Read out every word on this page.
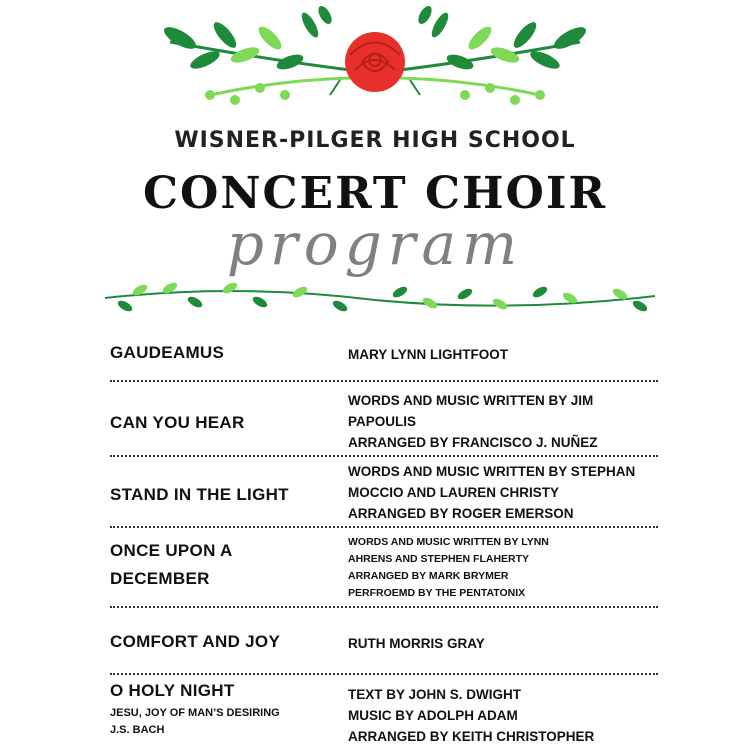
WISNER-PILGER HIGH SCHOOL
CONCERT CHOIR
program
GAUDEAMUS	MARY LYNN LIGHTFOOT
CAN YOU HEAR
WORDS AND MUSIC WRITTEN BY JIM
PAPOULIS
ARRANGED BY FRANCISCO J. NUÑEZ
STAND IN THE LIGHT
WORDS AND MUSIC WRITTEN BY STEPHAN
MOCCIO AND LAUREN CHRISTY
ARRANGED BY ROGER EMERSON
ONCE UPON A
DECEMBER
WORDS AND MUSIC WRITTEN BY LYNN
AHRENS AND STEPHEN FLAHERTY
ARRANGED BY MARK BRYMER
PERFROEMD BY THE PENTATONIX
COMFORT AND JOY	RUTH MORRIS GRAY
O HOLY NIGHT
JESU, JOY OF MAN’S DESIRING
J.S. BACH
TEXT BY JOHN S. DWIGHT
MUSIC BY ADOLPH ADAM
ARRANGED BY KEITH CHRISTOPHER
